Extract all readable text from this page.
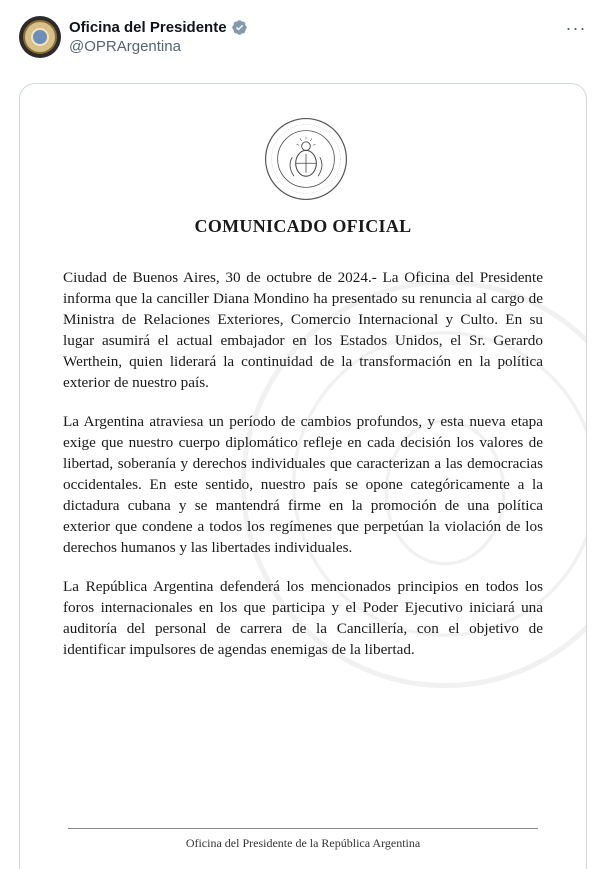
Oficina del Presidente
@OPRArgentina
···
COMUNICADO OFICIAL

Ciudad de Buenos Aires, 30 de octubre de 2024.- La Oficina del Presidente informa que la canciller Diana Mondino ha presentado su renuncia al cargo de Ministra de Relaciones Exteriores, Comercio Internacional y Culto. En su lugar asumirá el actual embajador en los Estados Unidos, el Sr. Gerardo Werthein, quien liderará la continuidad de la transformación en la política exterior de nuestro país.

La Argentina atraviesa un período de cambios profundos, y esta nueva etapa exige que nuestro cuerpo diplomático refleje en cada decisión los valores de libertad, soberanía y derechos individuales que caracterizan a las democracias occidentales. En este sentido, nuestro país se opone categóricamente a la dictadura cubana y se mantendrá firme en la promoción de una política exterior que condene a todos los regímenes que perpetúan la violación de los derechos humanos y las libertades individuales.

La República Argentina defenderá los mencionados principios en todos los foros internacionales en los que participa y el Poder Ejecutivo iniciará una auditoría del personal de carrera de la Cancillería, con el objetivo de identificar impulsores de agendas enemigas de la libertad.

Oficina del Presidente de la República Argentina
